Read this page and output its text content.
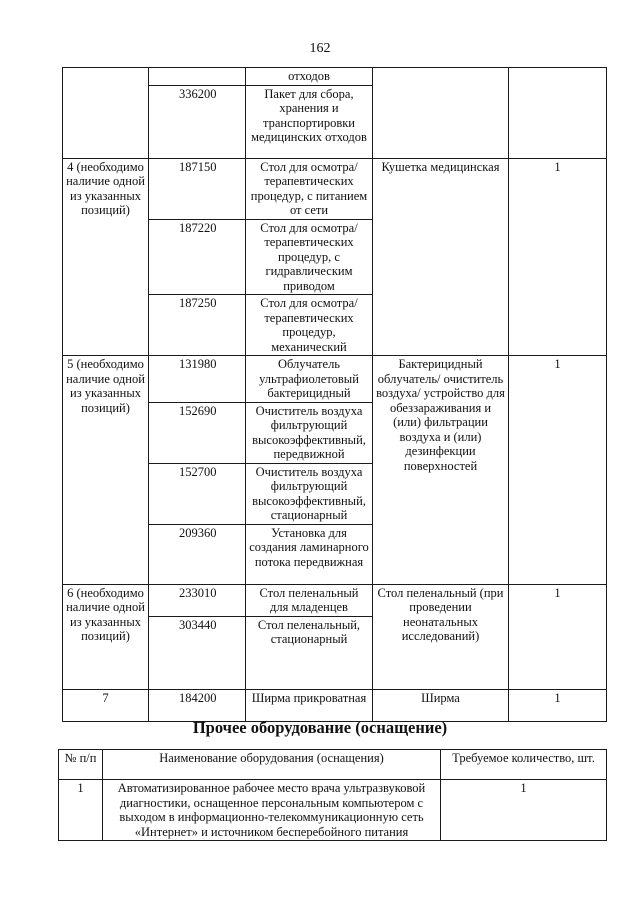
162
		отходов		
	336200	Пакет для сбора, хранения и транспортировки медицинских отходов		
4 (необходимо наличие одной из указанных позиций)	187150	Стол для осмотра/ терапевтических процедур, с питанием от сети	Кушетка медицинская	1
	187220	Стол для осмотра/ терапевтических процедур, с гидравлическим приводом		
	187250	Стол для осмотра/ терапевтических процедур, механический		
5 (необходимо наличие одной из указанных позиций)	131980	Облучатель ультрафиолетовый бактерицидный	Бактерицидный облучатель/ очиститель воздуха/ устройство для обеззараживания и (или) фильтрации воздуха и (или) дезинфекции поверхностей	1
	152690	Очиститель воздуха фильтрующий высокоэффективный, передвижной		
	152700	Очиститель воздуха фильтрующий высокоэффективный, стационарный		
	209360	Установка для создания ламинарного потока передвижная		
6 (необходимо наличие одной из указанных позиций)	233010	Стол пеленальный для младенцев	Стол пеленальный (при проведении неонатальных исследований)	1
	303440	Стол пеленальный, стационарный		
7	184200	Ширма прикроватная	Ширма	1
Прочее оборудование (оснащение)
№ п/п	Наименование оборудования (оснащения)	Требуемое количество, шт.
1	Автоматизированное рабочее место врача ультразвуковой диагностики, оснащенное персональным компьютером с выходом в информационно-телекоммуникационную сеть «Интернет» и источником бесперебойного питания	1
